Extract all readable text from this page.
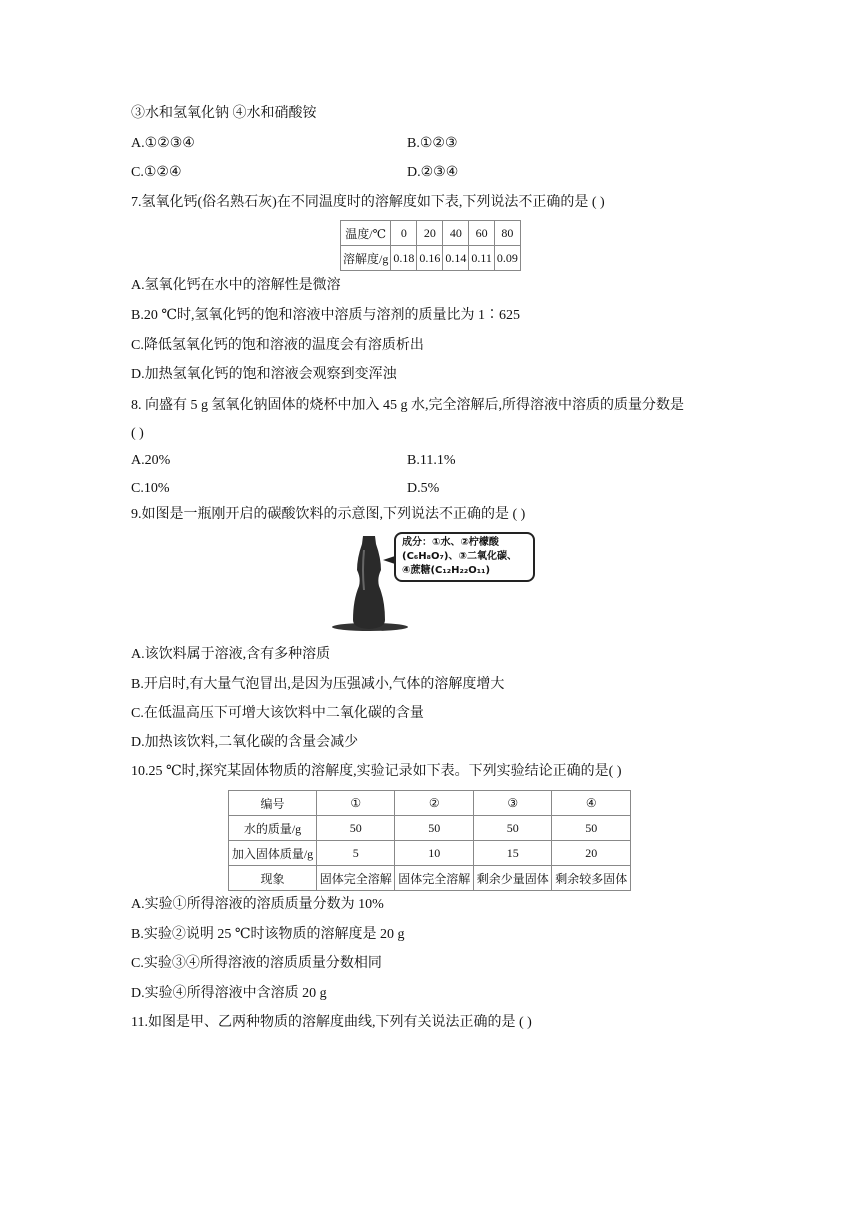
③水和氢氧化钠 ④水和硝酸铵
A.①②③④	B.①②③
C.①②④	D.②③④
7.氢氧化钙(俗名熟石灰)在不同温度时的溶解度如下表,下列说法不正确的是 ( )
温度/℃	0	20	40	60	80
溶解度/g	0.18	0.16	0.14	0.11	0.09
A.氢氧化钙在水中的溶解性是微溶
B.20 ℃时,氢氧化钙的饱和溶液中溶质与溶剂的质量比为 1∶625
C.降低氢氧化钙的饱和溶液的温度会有溶质析出
D.加热氢氧化钙的饱和溶液会观察到变浑浊
8. 向盛有 5 g 氢氧化钠固体的烧杯中加入 45 g 水,完全溶解后,所得溶液中溶质的质量分数是
( )
A.20%	B.11.1%
C.10%	D.5%
9.如图是一瓶刚开启的碳酸饮料的示意图,下列说法不正确的是 ( )
成分：①水、②柠檬酸
(C₆H₈O₇)、③二氧化碳、
④蔗糖(C₁₂H₂₂O₁₁)
A.该饮料属于溶液,含有多种溶质
B.开启时,有大量气泡冒出,是因为压强减小,气体的溶解度增大
C.在低温高压下可增大该饮料中二氧化碳的含量
D.加热该饮料,二氧化碳的含量会减少
10.25 ℃时,探究某固体物质的溶解度,实验记录如下表。下列实验结论正确的是( )
编号	①	②	③	④
水的质量/g	50	50	50	50
加入固体质量/g	5	10	15	20
现象	固体完全溶解	固体完全溶解	剩余少量固体	剩余较多固体
A.实验①所得溶液的溶质质量分数为 10%
B.实验②说明 25 ℃时该物质的溶解度是 20 g
C.实验③④所得溶液的溶质质量分数相同
D.实验④所得溶液中含溶质 20 g
11.如图是甲、乙两种物质的溶解度曲线,下列有关说法正确的是 ( )
